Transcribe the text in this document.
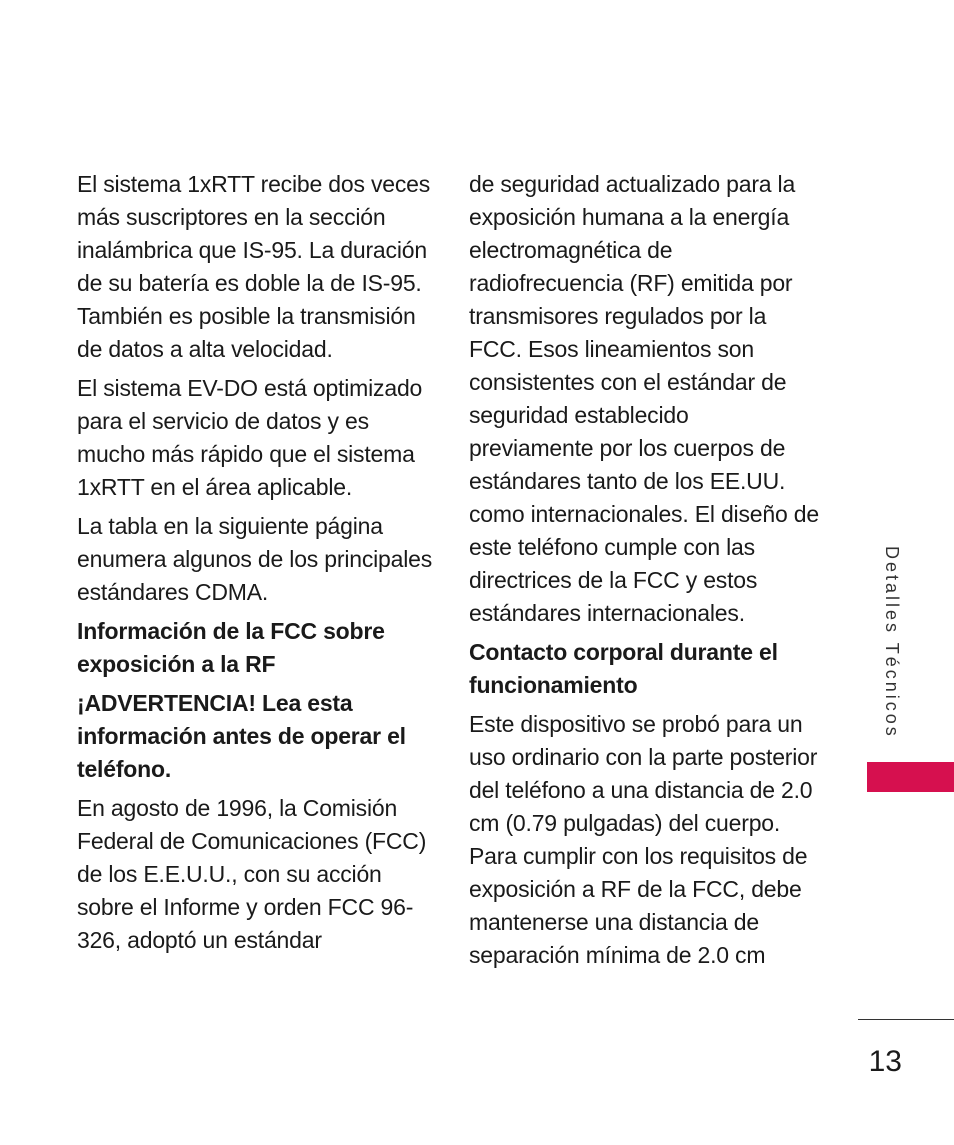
El sistema 1xRTT recibe dos veces más suscriptores en la sección inalámbrica que IS-95. La duración de su batería es doble la de IS-95. También es posible la transmisión de datos a alta velocidad.

El sistema EV-DO está optimizado para el servicio de datos y es mucho más rápido que el sistema 1xRTT en el área aplicable.

La tabla en la siguiente página enumera algunos de los principales estándares CDMA.

Información de la FCC sobre exposición a la RF
¡ADVERTENCIA! Lea esta información antes de operar el teléfono.

En agosto de 1996, la Comisión Federal de Comunicaciones (FCC) de los E.E.U.U., con su acción sobre el Informe y orden FCC 96-326, adoptó un estándar

de seguridad actualizado para la exposición humana a la energía electromagnética de radiofrecuencia (RF) emitida por transmisores regulados por la FCC. Esos lineamientos son consistentes con el estándar de seguridad establecido previamente por los cuerpos de estándares tanto de los EE.UU. como internacionales. El diseño de este teléfono cumple con las directrices de la FCC y estos estándares internacionales.

Contacto corporal durante el funcionamiento

Este dispositivo se probó para un uso ordinario con la parte posterior del teléfono a una distancia de 2.0 cm (0.79 pulgadas) del cuerpo. Para cumplir con los requisitos de exposición a RF de la FCC, debe mantenerse una distancia de separación mínima de 2.0 cm

Detalles Técnicos
13
